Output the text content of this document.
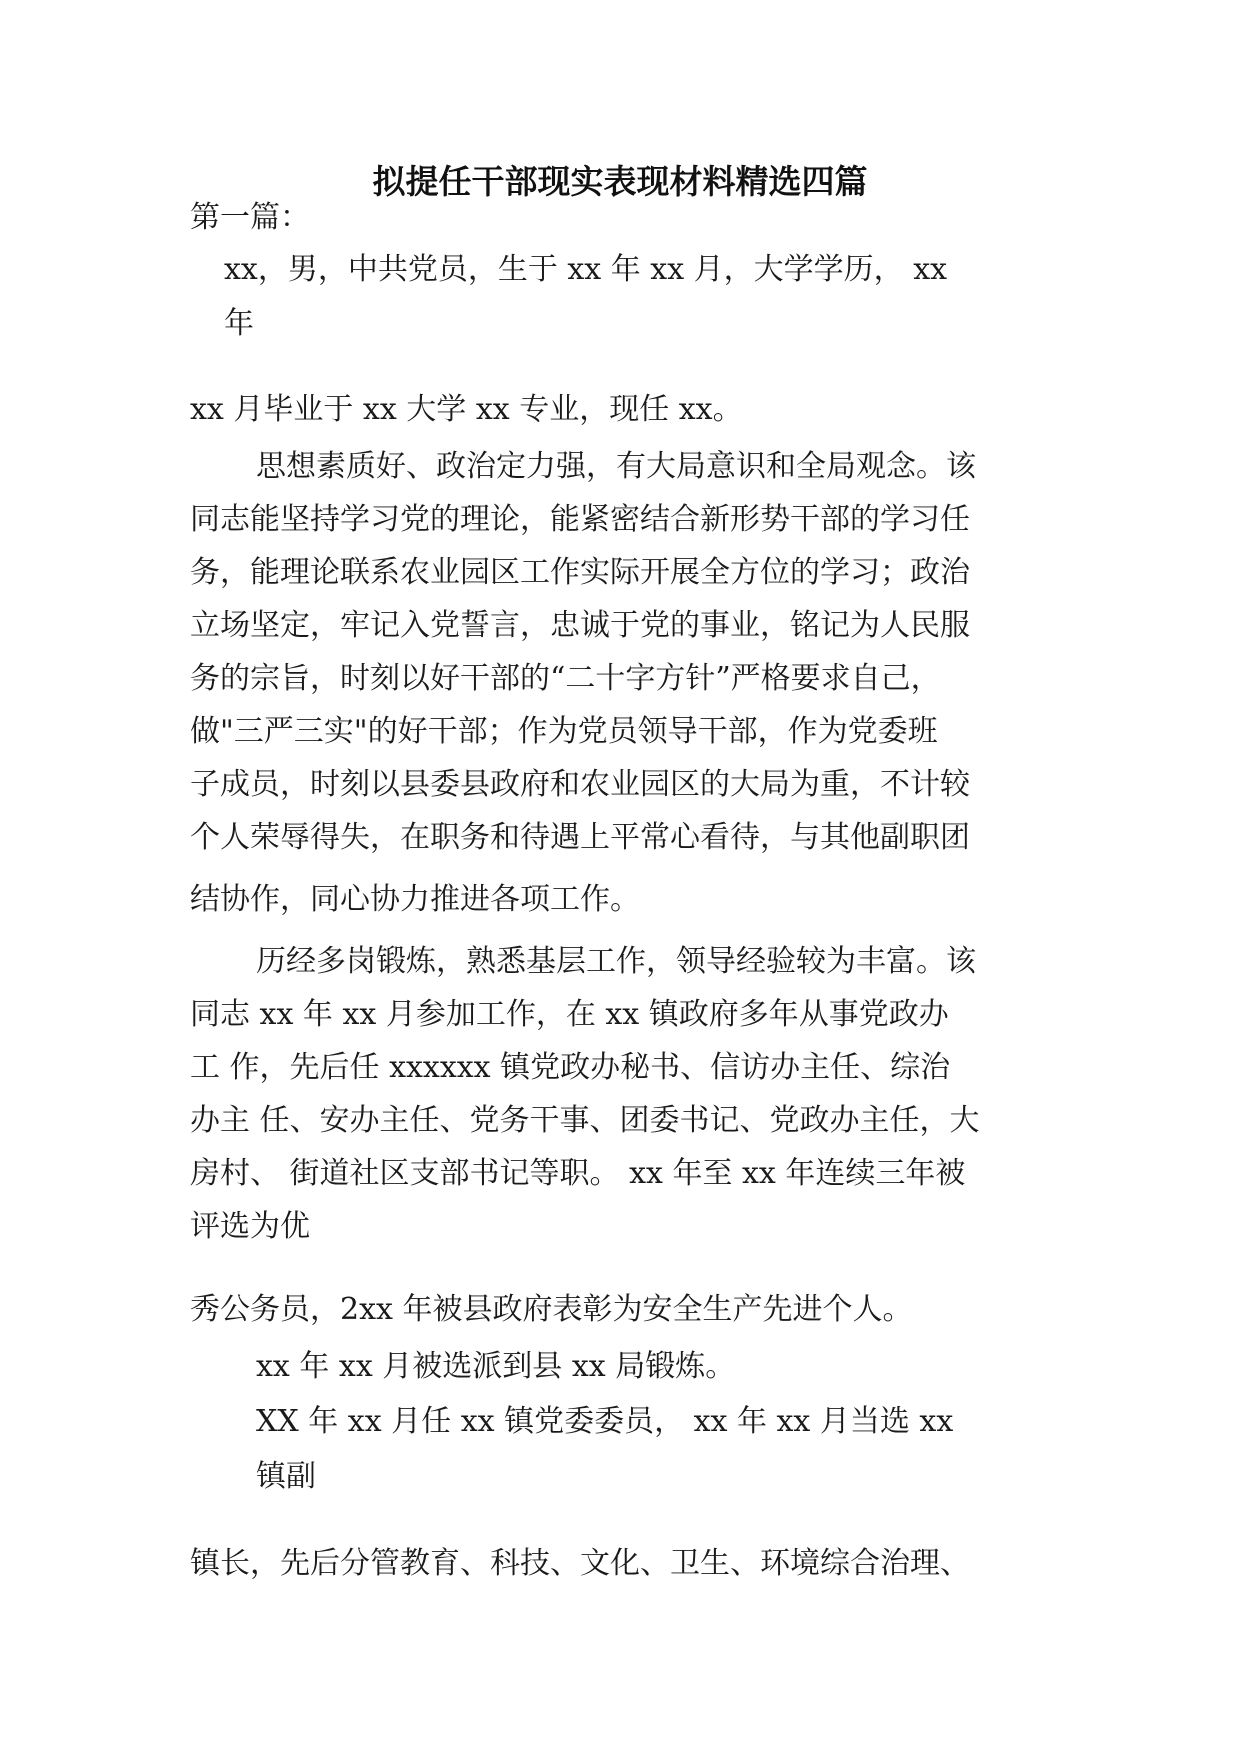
拟提任干部现实表现材料精选四篇

第一篇：

xx，男，中共党员，生于 xx 年 xx 月，大学学历， xx

年

xx 月毕业于 xx 大学 xx 专业，现任 xx。

思想素质好、政治定力强，有大局意识和全局观念。该

同志能坚持学习党的理论，能紧密结合新形势干部的学习任

务，能理论联系农业园区工作实际开展全方位的学习；政治

立场坚定，牢记入党誓言，忠诚于党的事业，铭记为人民服

务的宗旨，时刻以好干部的“二十字方针”严格要求自己，

做"三严三实"的好干部；作为党员领导干部，作为党委班

子成员，时刻以县委县政府和农业园区的大局为重，不计较

个人荣辱得失，在职务和待遇上平常心看待，与其他副职团

结协作，同心协力推进各项工作。

历经多岗锻炼，熟悉基层工作，领导经验较为丰富。该

同志 xx 年 xx 月参加工作，在 xx 镇政府多年从事党政办

工 作，先后任 xxxxxx 镇党政办秘书、信访办主任、综治

办主 任、安办主任、党务干事、团委书记、党政办主任，大

房村、 街道社区支部书记等职。 xx 年至 xx 年连续三年被

评选为优

秀公务员，2xx 年被县政府表彰为安全生产先进个人。

xx 年 xx 月被选派到县 xx 局锻炼。

XX 年 xx 月任 xx 镇党委委员， xx 年 xx 月当选 xx

镇副

镇长，先后分管教育、科技、文化、卫生、环境综合治理、
